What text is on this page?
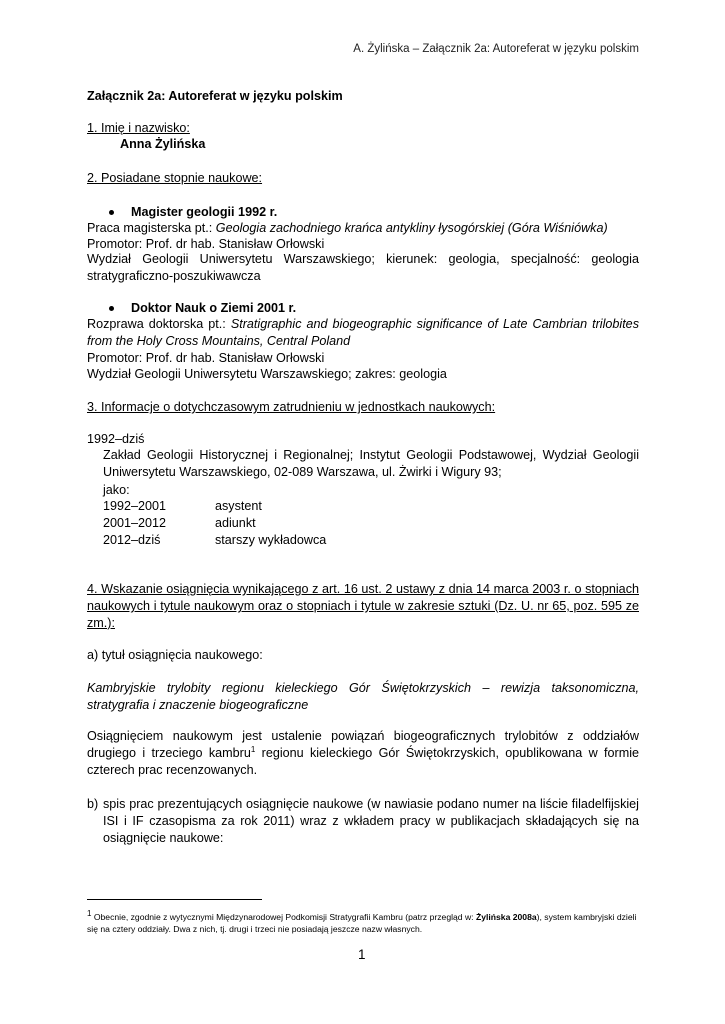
A. Żylińska – Załącznik 2a: Autoreferat w języku polskim
Załącznik 2a: Autoreferat w języku polskim
1. Imię i nazwisko:
Anna Żylińska
2. Posiadane stopnie naukowe:
Magister geologii 1992 r.
Praca magisterska pt.: Geologia zachodniego krańca antykliny łysogórskiej (Góra Wiśniówka)
Promotor: Prof. dr hab. Stanisław Orłowski
Wydział Geologii Uniwersytetu Warszawskiego; kierunek: geologia, specjalność: geologia stratygraficzno-poszukiwawcza
Doktor Nauk o Ziemi 2001 r.
Rozprawa doktorska pt.: Stratigraphic and biogeographic significance of Late Cambrian trilobites from the Holy Cross Mountains, Central Poland
Promotor: Prof. dr hab. Stanisław Orłowski
Wydział Geologii Uniwersytetu Warszawskiego; zakres: geologia
3. Informacje o dotychczasowym zatrudnieniu w jednostkach naukowych:
1992–dziś
Zakład Geologii Historycznej i Regionalnej; Instytut Geologii Podstawowej, Wydział Geologii Uniwersytetu Warszawskiego, 02-089 Warszawa, ul. Żwirki i Wigury 93;
jako:
1992–2001	asystent
2001–2012	adiunkt
2012–dziś	starszy wykładowca
4. Wskazanie osiągnięcia wynikającego z art. 16 ust. 2 ustawy z dnia 14 marca 2003 r. o stopniach naukowych i tytule naukowym oraz o stopniach i tytule w zakresie sztuki (Dz. U. nr 65, poz. 595 ze zm.):
a) tytuł osiągnięcia naukowego:
Kambryjskie trylobity regionu kieleckiego Gór Świętokrzyskich – rewizja taksonomiczna, stratygrafia i znaczenie biogeograficzne
Osiągnięciem naukowym jest ustalenie powiązań biogeograficznych trylobitów z oddziałów drugiego i trzeciego kambru$^1$ regionu kieleckiego Gór Świętokrzyskich, opublikowana w formie czterech prac recenzowanych.
b) spis prac prezentujących osiągnięcie naukowe (w nawiasie podano numer na liście filadelfijskiej ISI i IF czasopisma za rok 2011) wraz z wkładem pracy w publikacjach składających się na osiągnięcie naukowe:
1 Obecnie, zgodnie z wytycznymi Międzynarodowej Podkomisji Stratygrafii Kambru (patrz przegląd w: Żylińska 2008a), system kambryjski dzieli się na cztery oddziały. Dwa z nich, tj. drugi i trzeci nie posiadają jeszcze nazw własnych.
1
